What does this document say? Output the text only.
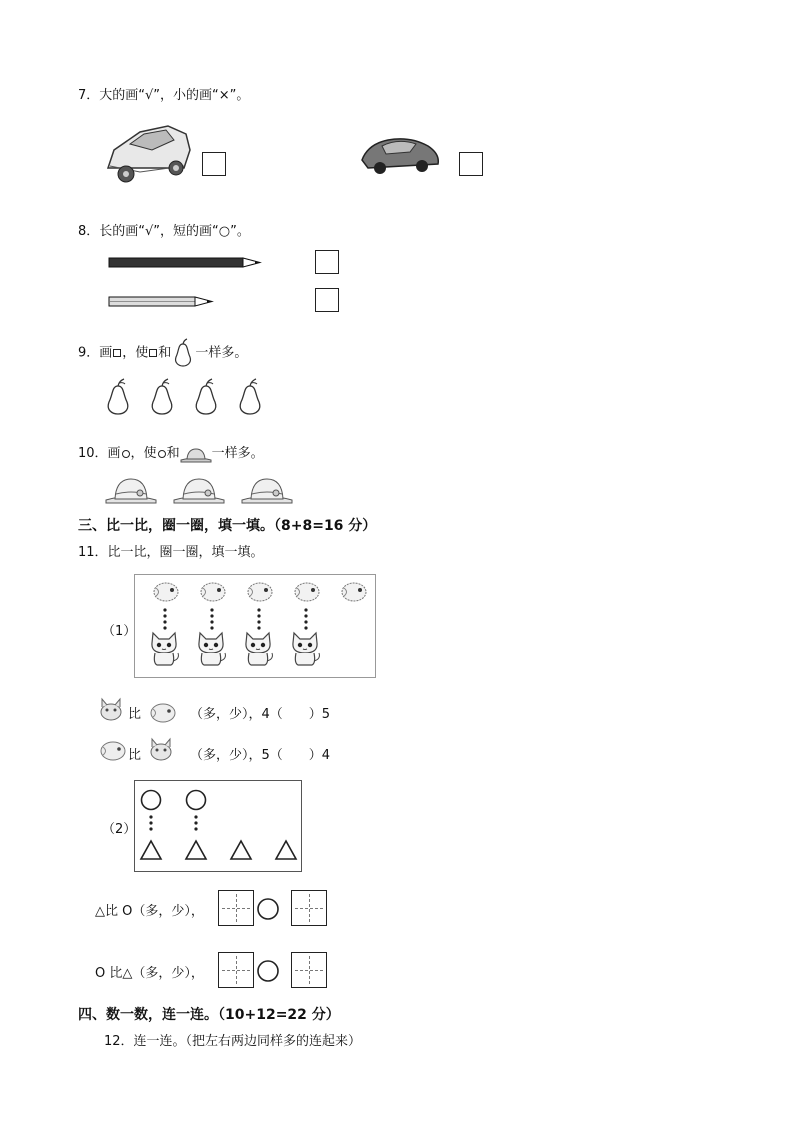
7．大的画“√”，小的画“×”。
8．长的画“√”，短的画“○”。
9．画 ，使 和 一样多。
10．画 ，使 和 一样多。
三、比一比，圈一圈，填一填。（8+8=16 分）
11．比一比，圈一圈，填一填。
（1）
比	（多，少），4（　　）5
比	（多，少），5（　　）4
（2）
△比 O（多，少），
O 比△（多，少），
四、数一数，连一连。（10+12=22 分）
12．连一连。（把左右两边同样多的连起来）
